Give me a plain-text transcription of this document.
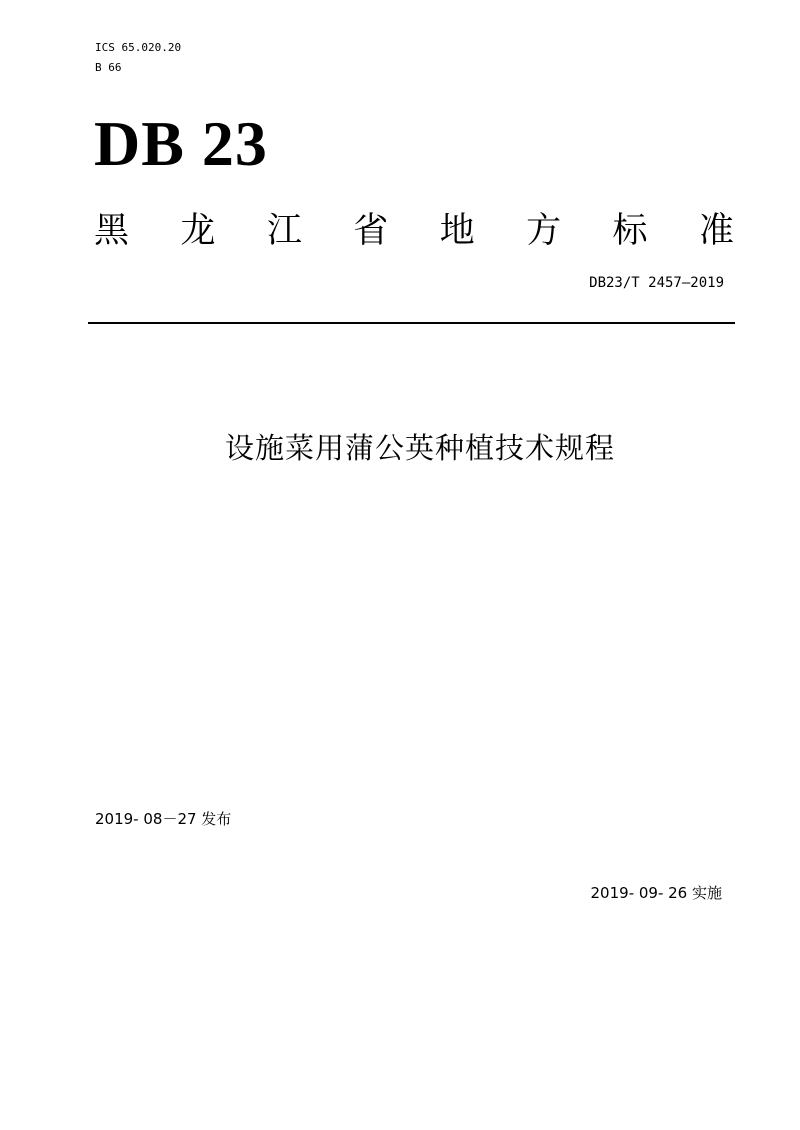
ICS 65.020.20
B 66
DB 23
黑 龙 江 省 地 方 标 准
DB23/T 2457—2019
设施菜用蒲公英种植技术规程
2019- 08－27 发布
2019- 09- 26 实施
